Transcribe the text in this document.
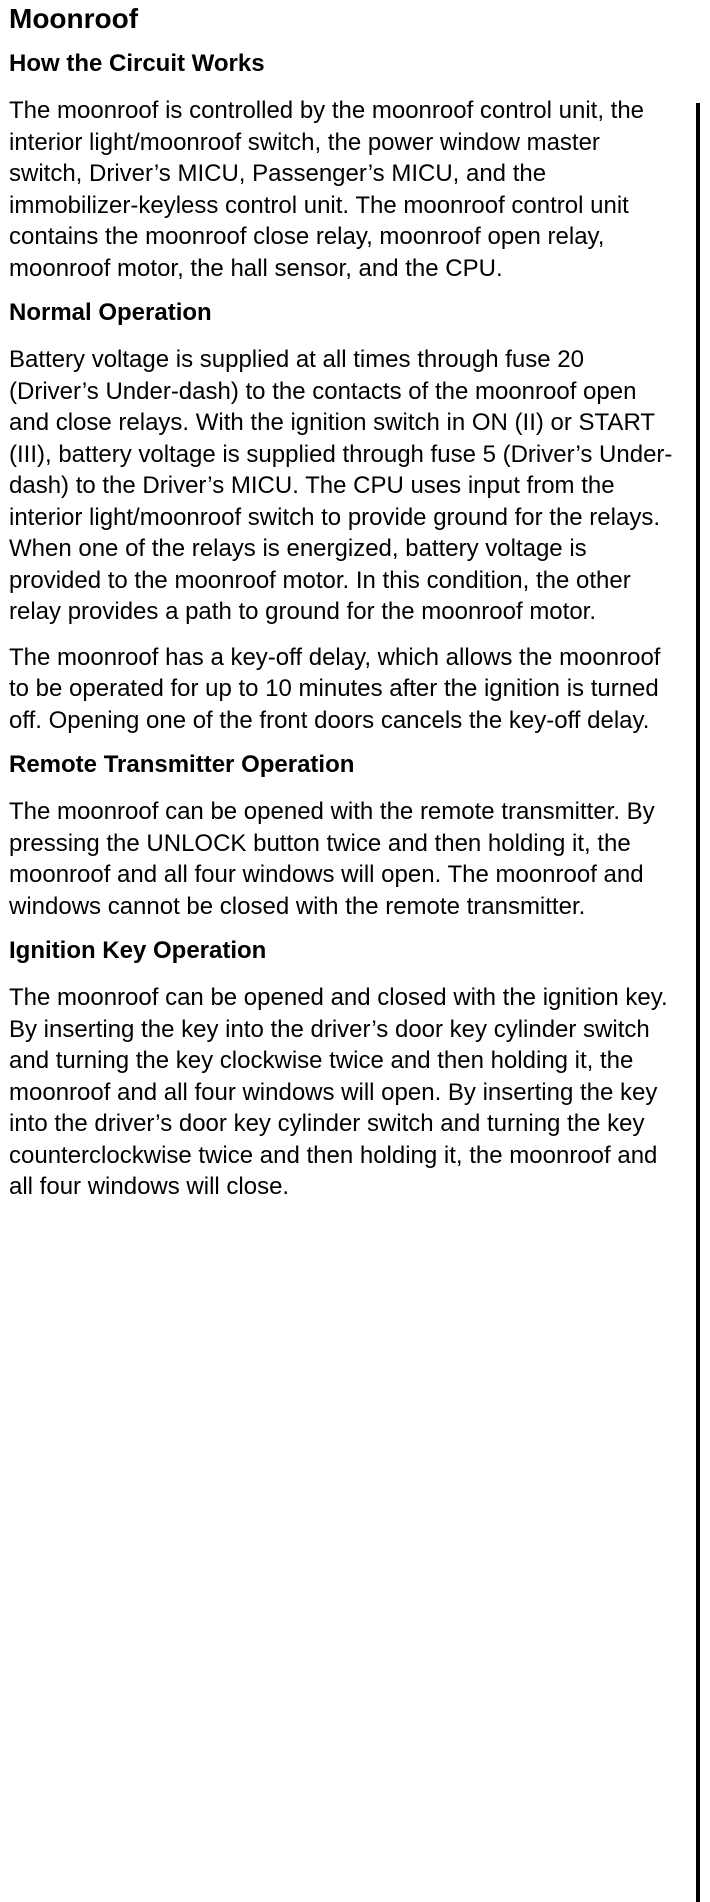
Moonroof
How the Circuit Works

The moonroof is controlled by the moonroof control unit, the interior light/moonroof switch, the power window master switch, Driver’s MICU, Passenger’s MICU, and the immobilizer-keyless control unit. The moonroof control unit contains the moonroof close relay, moonroof open relay, moonroof motor, the hall sensor, and the CPU.

Normal Operation

Battery voltage is supplied at all times through fuse 20 (Driver’s Under-dash) to the contacts of the moonroof open and close relays. With the ignition switch in ON (II) or START (III), battery voltage is supplied through fuse 5 (Driver’s Under-dash) to the Driver’s MICU. The CPU uses input from the interior light/moonroof switch to provide ground for the relays. When one of the relays is energized, battery voltage is provided to the moonroof motor. In this condition, the other relay provides a path to ground for the moonroof motor.

The moonroof has a key-off delay, which allows the moonroof to be operated for up to 10 minutes after the ignition is turned off. Opening one of the front doors cancels the key-off delay.

Remote Transmitter Operation

The moonroof can be opened with the remote transmitter. By pressing the UNLOCK button twice and then holding it, the moonroof and all four windows will open. The moonroof and windows cannot be closed with the remote transmitter.

Ignition Key Operation

The moonroof can be opened and closed with the ignition key. By inserting the key into the driver’s door key cylinder switch and turning the key clockwise twice and then holding it, the moonroof and all four windows will open. By inserting the key into the driver’s door key cylinder switch and turning the key counterclockwise twice and then holding it, the moonroof and all four windows will close.
